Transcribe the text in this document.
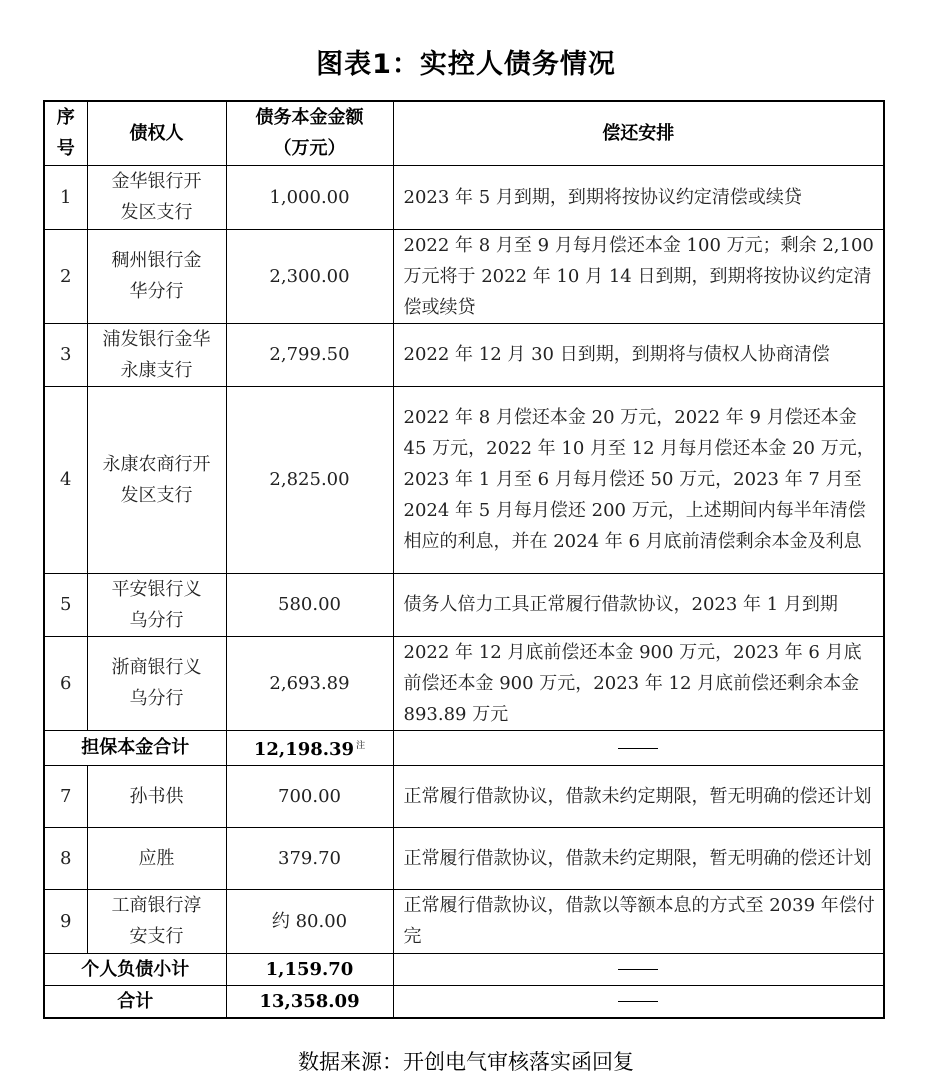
图表1：实控人债务情况
序号	债权人	债务本金金额（万元）	偿还安排
1	金华银行开发区支行	1,000.00	2023 年 5 月到期，到期将按协议约定清偿或续贷
2	稠州银行金华分行	2,300.00	2022 年 8 月至 9 月每月偿还本金 100 万元；剩余 2,100 万元将于 2022 年 10 月 14 日到期，到期将按协议约定清偿或续贷
3	浦发银行金华永康支行	2,799.50	2022 年 12 月 30 日到期，到期将与债权人协商清偿
4	永康农商行开发区支行	2,825.00	2022 年 8 月偿还本金 20 万元，2022 年 9 月偿还本金 45 万元，2022 年 10 月至 12 月每月偿还本金 20 万元，2023 年 1 月至 6 月每月偿还 50 万元，2023 年 7 月至 2024 年 5 月每月偿还 200 万元，上述期间内每半年清偿相应的利息，并在 2024 年 6 月底前清偿剩余本金及利息
5	平安银行义乌分行	580.00	债务人倍力工具正常履行借款协议，2023 年 1 月到期
6	浙商银行义乌分行	2,693.89	2022 年 12 月底前偿还本金 900 万元，2023 年 6 月底前偿还本金 900 万元，2023 年 12 月底前偿还剩余本金 893.89 万元
担保本金合计		12,198.39 $^注$	
7	孙书供	700.00	正常履行借款协议，借款未约定期限，暂无明确的偿还计划
8	应胜	379.70	正常履行借款协议，借款未约定期限，暂无明确的偿还计划
9	工商银行淳安支行	约 80.00	正常履行借款协议，借款以等额本息的方式至 2039 年偿付完
个人负债小计		1,159.70	
合计		13,358.09	
数据来源：开创电气审核落实函回复
